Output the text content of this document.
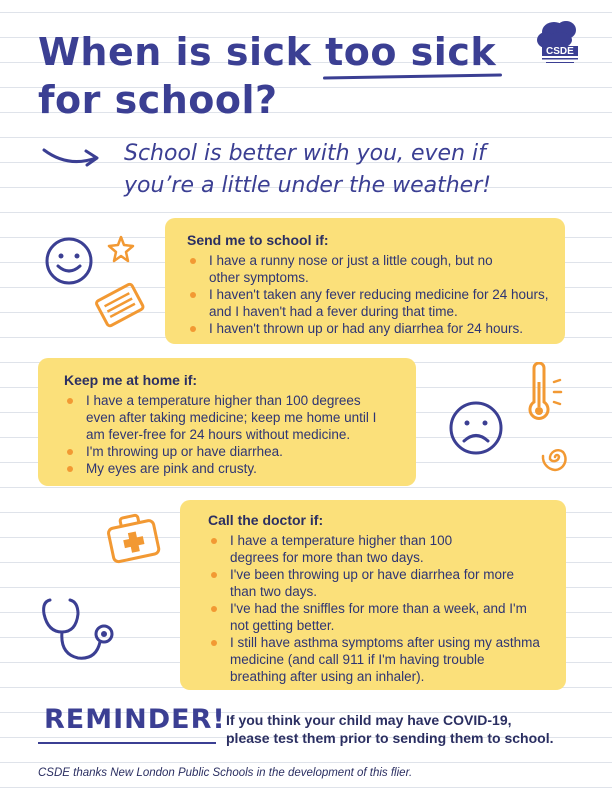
When is sick too sick
for school?
CSDE
School is better with you, even if you’re a little under the weather!
Send me to school if:
I have a runny nose or just a little cough, but no other symptoms.
I haven't taken any fever reducing medicine for 24 hours, and I haven't had a fever during that time.
I haven't thrown up or had any diarrhea for 24 hours.
Keep me at home if:
I have a temperature higher than 100 degrees even after taking medicine; keep me home until I am fever-free for 24 hours without medicine.
I'm throwing up or have diarrhea.
My eyes are pink and crusty.
Call the doctor if:
I have a temperature higher than 100 degrees for more than two days.
I've been throwing up or have diarrhea for more than two days.
I've had the sniffles for more than a week, and I'm not getting better.
I still have asthma symptoms after using my asthma medicine (and call 911 if I'm having trouble breathing after using an inhaler).
REMINDER! If you think your child may have COVID-19,
please test them prior to sending them to school.
CSDE thanks New London Public Schools in the development of this flier.
